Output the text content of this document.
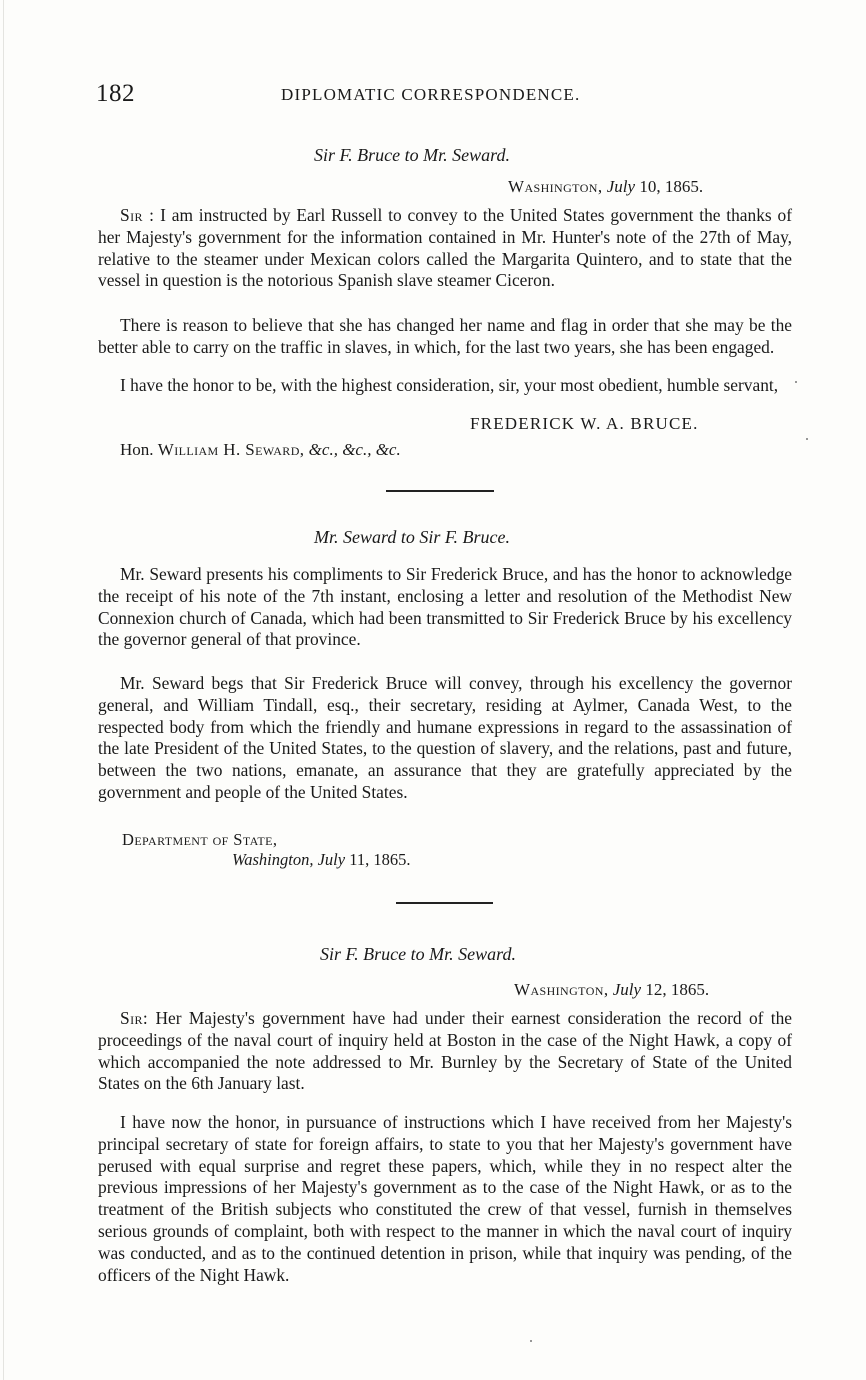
182	DIPLOMATIC CORRESPONDENCE.
Sir F. Bruce to Mr. Seward.
Washington, July 10, 1865.

Sir : I am instructed by Earl Russell to convey to the United States government the thanks of her Majesty's government for the information contained in Mr. Hunter's note of the 27th of May, relative to the steamer under Mexican colors called the Margarita Quintero, and to state that the vessel in question is the notorious Spanish slave steamer Ciceron.

There is reason to believe that she has changed her name and flag in order that she may be the better able to carry on the traffic in slaves, in which, for the last two years, she has been engaged.

I have the honor to be, with the highest consideration, sir, your most obedient, humble servant,

FREDERICK W. A. BRUCE.
Hon. William H. Seward, &c., &c., &c.
Mr. Seward to Sir F. Bruce.

Mr. Seward presents his compliments to Sir Frederick Bruce, and has the honor to acknowledge the receipt of his note of the 7th instant, enclosing a letter and resolution of the Methodist New Connexion church of Canada, which had been transmitted to Sir Frederick Bruce by his excellency the governor general of that province.

Mr. Seward begs that Sir Frederick Bruce will convey, through his excellency the governor general, and William Tindall, esq., their secretary, residing at Aylmer, Canada West, to the respected body from which the friendly and humane expressions in regard to the assassination of the late President of the United States, to the question of slavery, and the relations, past and future, between the two nations, emanate, an assurance that they are gratefully appreciated by the government and people of the United States.

Department of State,
Washington, July 11, 1865.
Sir F. Bruce to Mr. Seward.
Washington, July 12, 1865.

Sir: Her Majesty's government have had under their earnest consideration the record of the proceedings of the naval court of inquiry held at Boston in the case of the Night Hawk, a copy of which accompanied the note addressed to Mr. Burnley by the Secretary of State of the United States on the 6th January last.

I have now the honor, in pursuance of instructions which I have received from her Majesty's principal secretary of state for foreign affairs, to state to you that her Majesty's government have perused with equal surprise and regret these papers, which, while they in no respect alter the previous impressions of her Majesty's government as to the case of the Night Hawk, or as to the treatment of the British subjects who constituted the crew of that vessel, furnish in themselves serious grounds of complaint, both with respect to the manner in which the naval court of inquiry was conducted, and as to the continued detention in prison, while that inquiry was pending, of the officers of the Night Hawk.
